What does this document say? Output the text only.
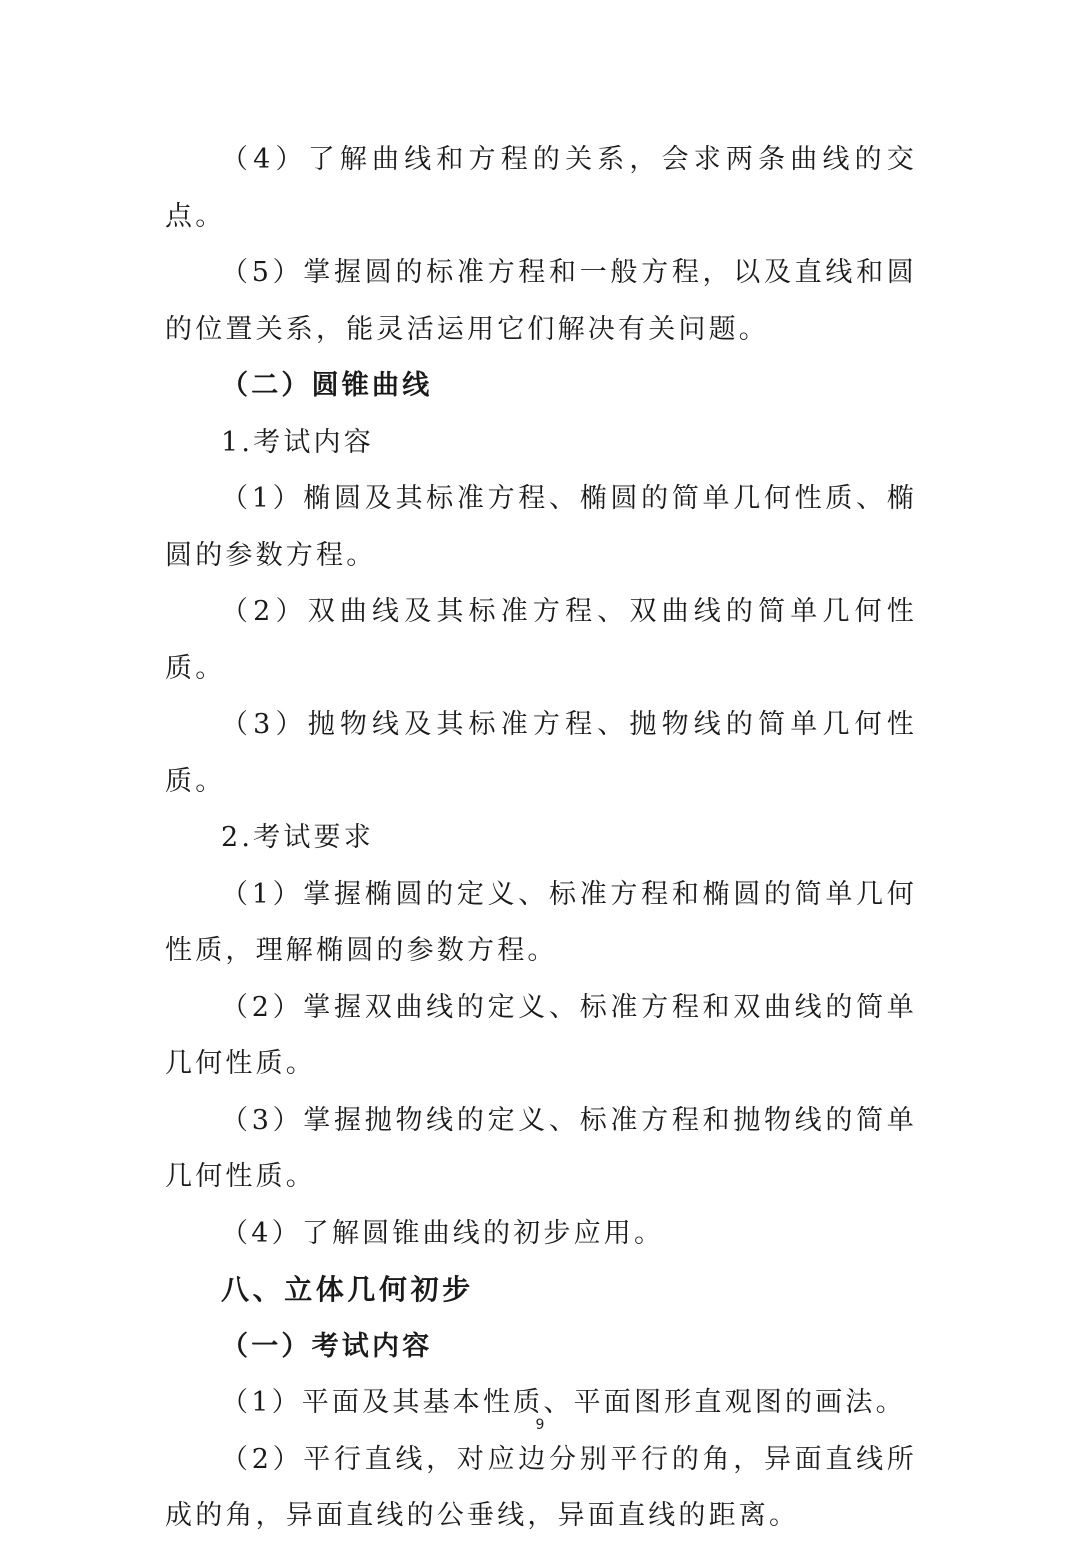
（4）了解曲线和方程的关系，会求两条曲线的交点。

（5）掌握圆的标准方程和一般方程，以及直线和圆的位置关系，能灵活运用它们解决有关问题。

（二）圆锥曲线

1.考试内容

（1）椭圆及其标准方程、椭圆的简单几何性质、椭圆的参数方程。

（2）双曲线及其标准方程、双曲线的简单几何性质。

（3）抛物线及其标准方程、抛物线的简单几何性质。

2.考试要求

（1）掌握椭圆的定义、标准方程和椭圆的简单几何性质，理解椭圆的参数方程。

（2）掌握双曲线的定义、标准方程和双曲线的简单几何性质。

（3）掌握抛物线的定义、标准方程和抛物线的简单几何性质。

（4）了解圆锥曲线的初步应用。

八、立体几何初步

（一）考试内容

（1）平面及其基本性质、平面图形直观图的画法。

（2）平行直线，对应边分别平行的角，异面直线所成的角，异面直线的公垂线，异面直线的距离。

9
